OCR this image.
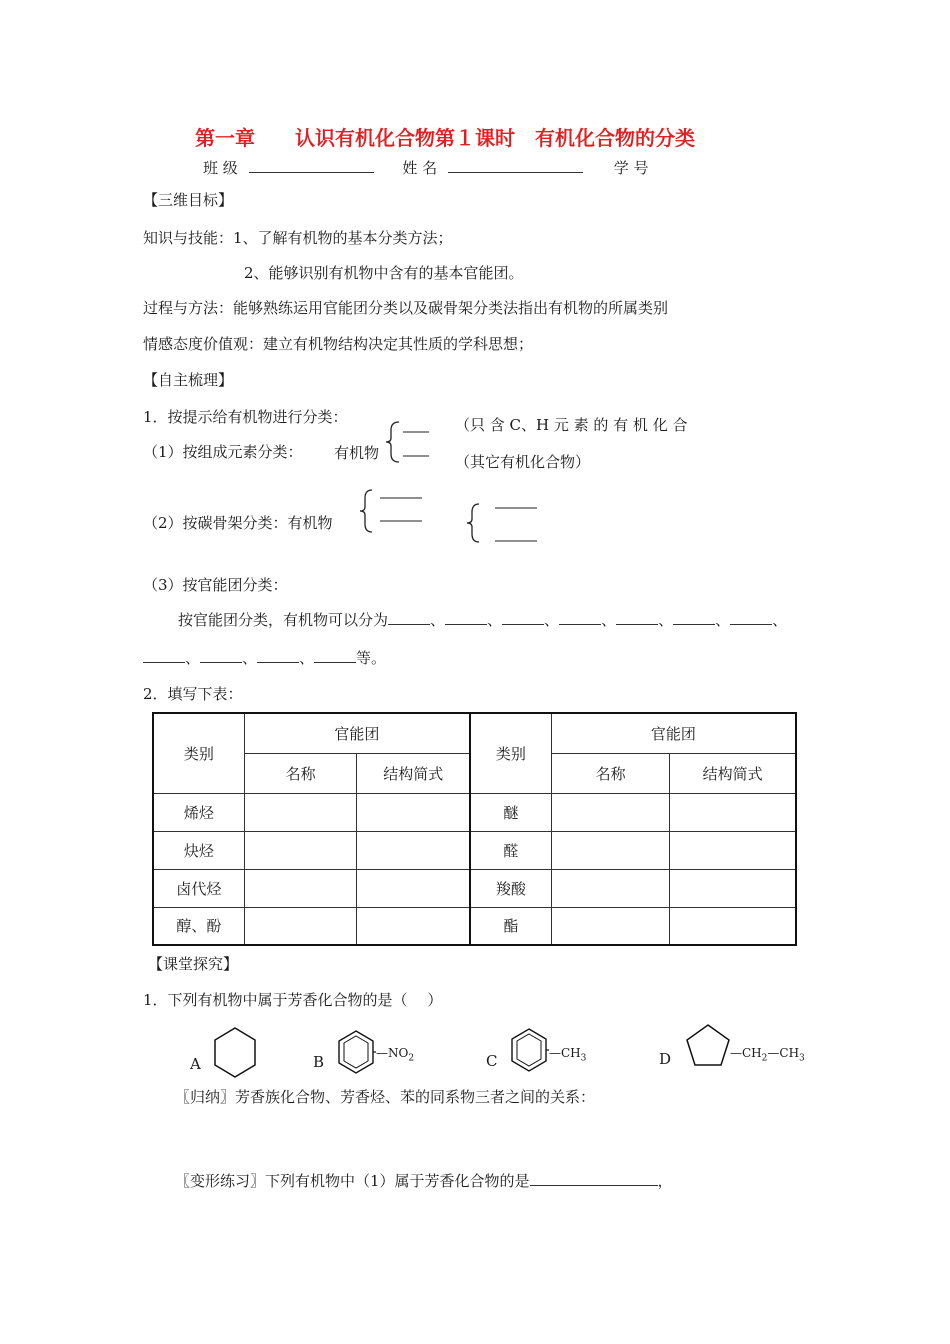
第一章　　认识有机化合物第１课时　有机化合物的分类
班 级	姓 名	学 号
【三维目标】
知识与技能：1、了解有机物的基本分类方法；
2、能够识别有机物中含有的基本官能团。
过程与方法：能够熟练运用官能团分类以及碳骨架分类法指出有机物的所属类别
情感态度价值观：建立有机物结构决定其性质的学科思想；
【自主梳理】
1．按提示给有机物进行分类：
（1）按组成元素分类： 有机物
（只 含 C、H 元 素 的 有 机 化 合
（其它有机化合物）
（2）按碳骨架分类：有机物
（3）按官能团分类：
按官能团分类，有机物可以分为	、	、	、	、	、	、	、
、	、	、	等。
2．填写下表：
类别	官能团		类别	官能团	
	名称	结构简式		名称	结构简式
烯烃			醚		
炔烃			醛		
卤代烃			羧酸		
醇、酚			酯		
【课堂探究】
1．下列有机物中属于芳香化合物的是（　 ）
A	B	$—NO_2$	C	$—CH_3$	D	$—CH_2—CH_3$
〖归纳〗芳香族化合物、芳香烃、苯的同系物三者之间的关系：
〖变形练习〗下列有机物中（1）属于芳香化合物的是	，
